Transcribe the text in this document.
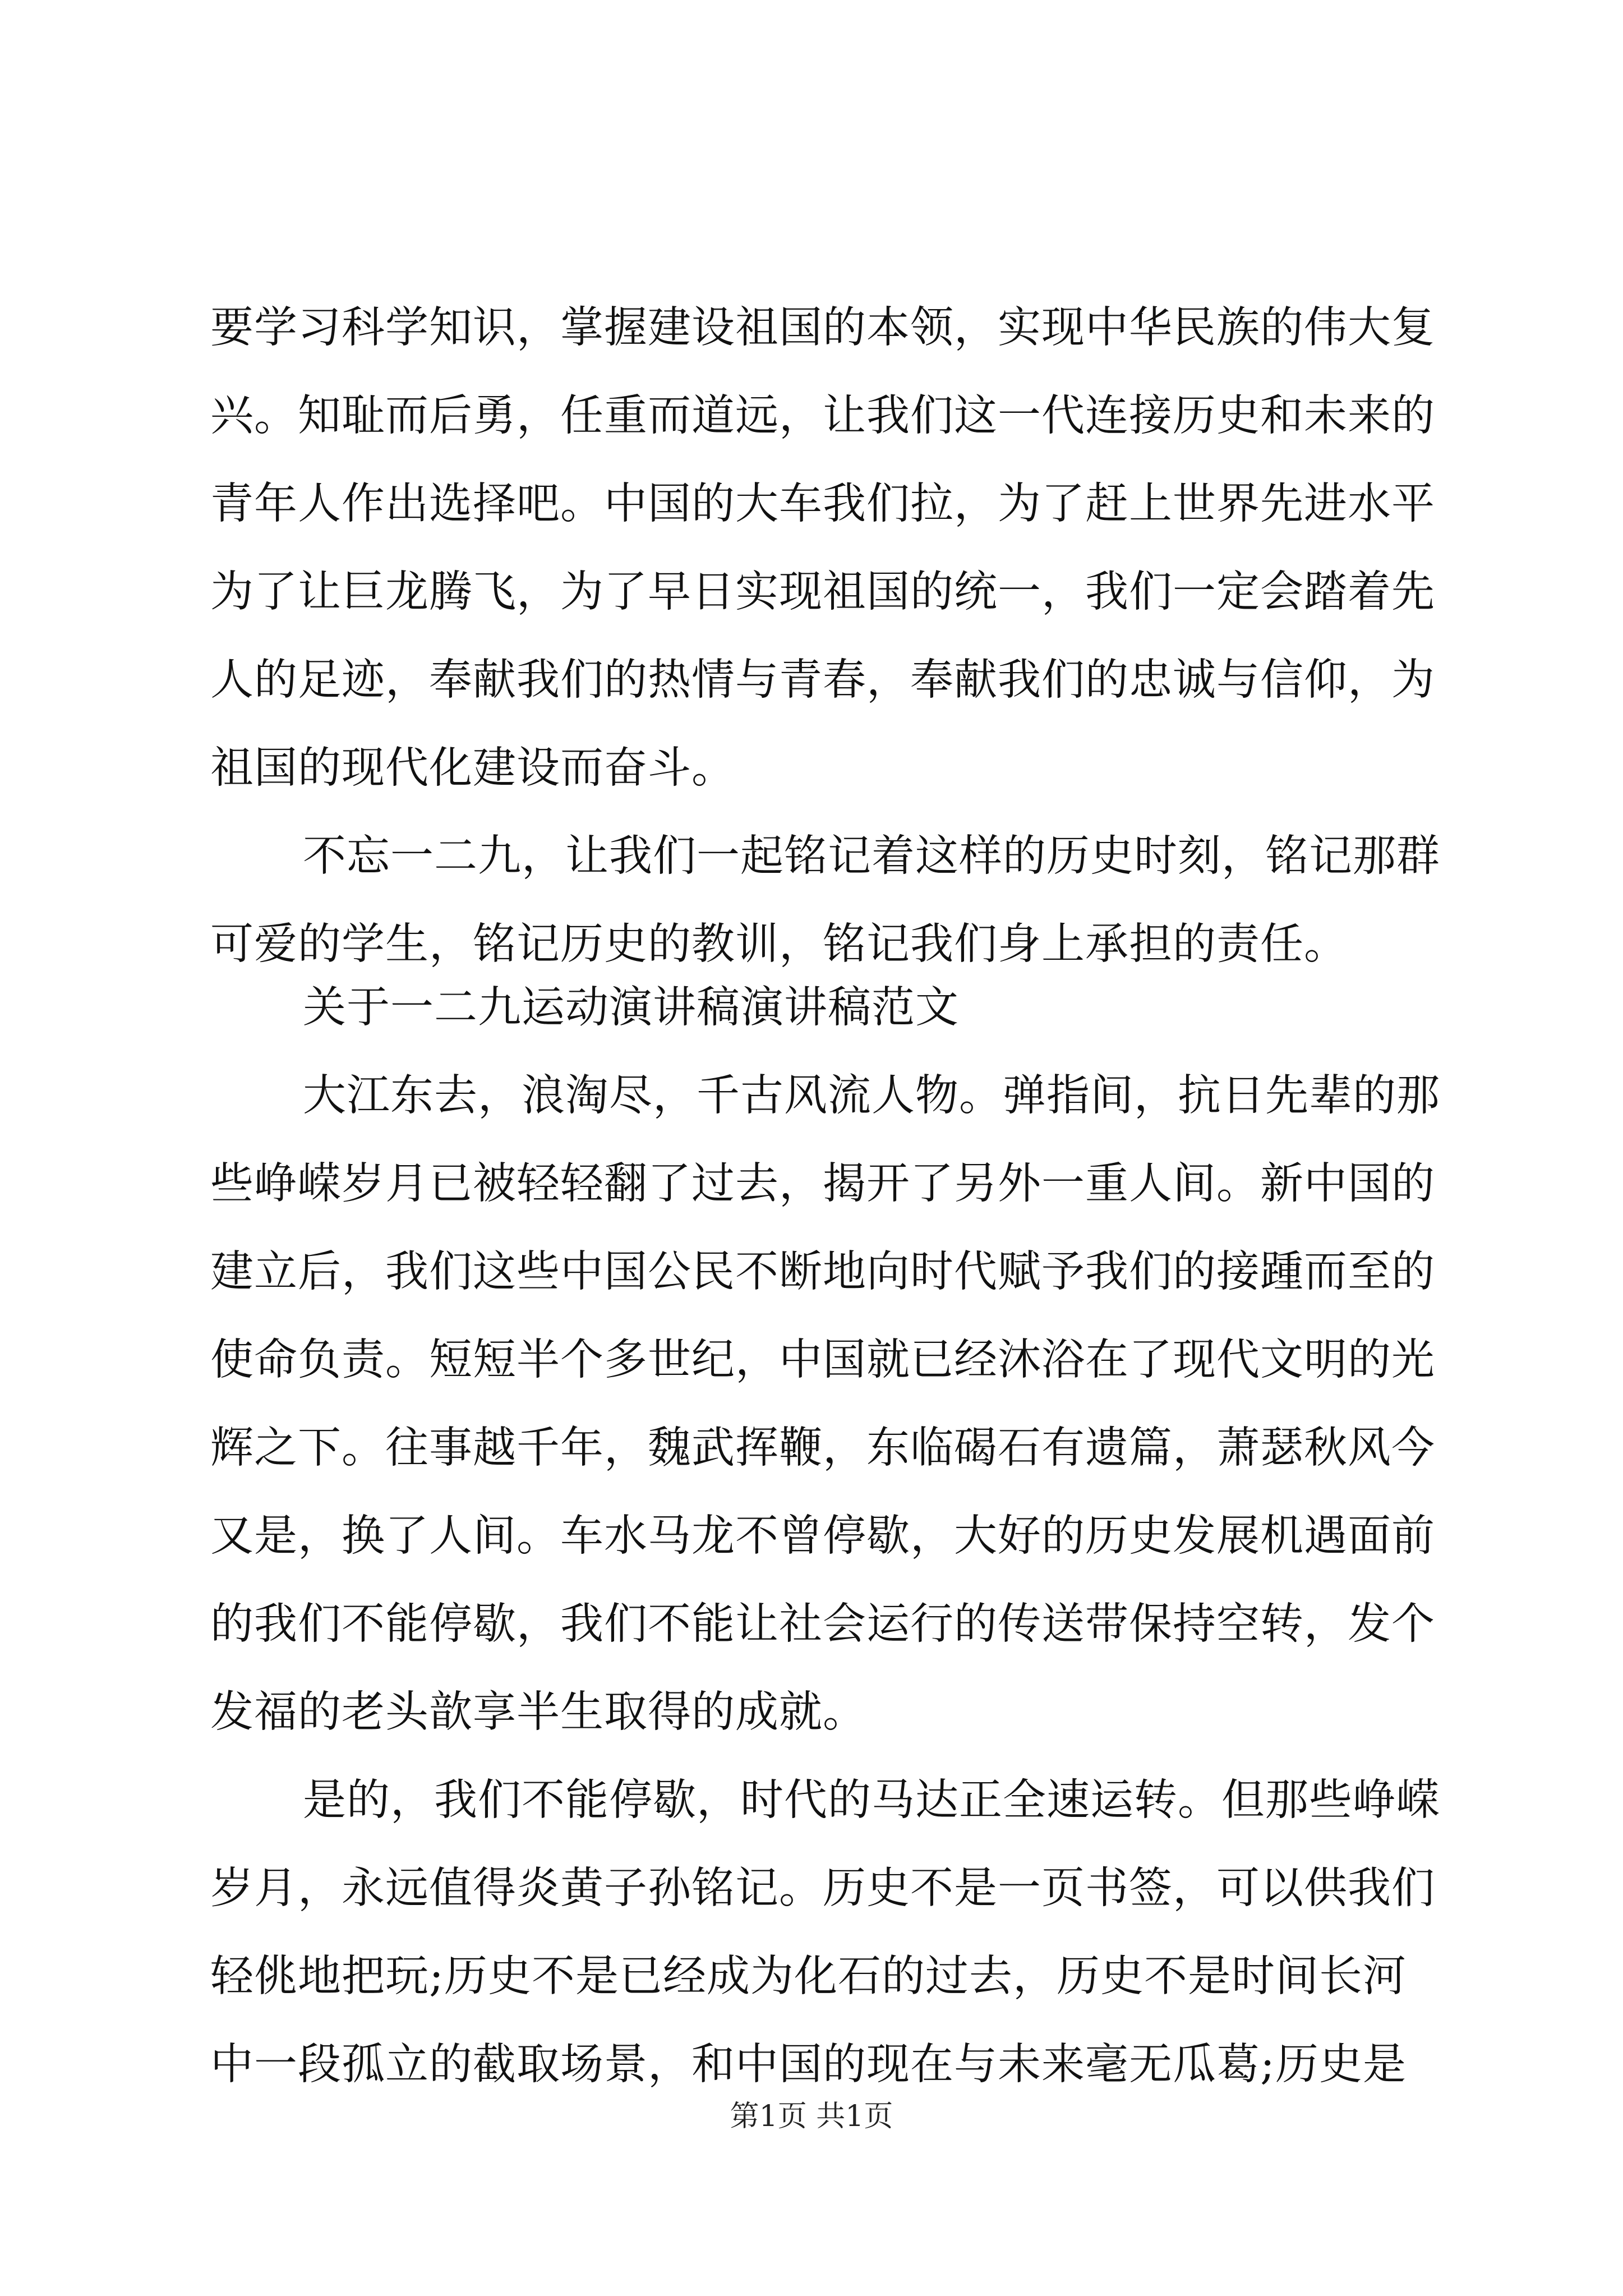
要学习科学知识，掌握建设祖国的本领，实现中华民族的伟大复
兴。知耻而后勇，任重而道远，让我们这一代连接历史和未来的
青年人作出选择吧。中国的大车我们拉，为了赶上世界先进水平
为了让巨龙腾飞，为了早日实现祖国的统一，我们一定会踏着先
人的足迹，奉献我们的热情与青春，奉献我们的忠诚与信仰，为
祖国的现代化建设而奋斗。
不忘一二九，让我们一起铭记着这样的历史时刻，铭记那群
可爱的学生，铭记历史的教训，铭记我们身上承担的责任。
关于一二九运动演讲稿演讲稿范文
大江东去，浪淘尽，千古风流人物。弹指间，抗日先辈的那
些峥嵘岁月已被轻轻翻了过去，揭开了另外一重人间。新中国的
建立后，我们这些中国公民不断地向时代赋予我们的接踵而至的
使命负责。短短半个多世纪，中国就已经沐浴在了现代文明的光
辉之下。往事越千年，魏武挥鞭，东临碣石有遗篇，萧瑟秋风今
又是，换了人间。车水马龙不曾停歇，大好的历史发展机遇面前
的我们不能停歇，我们不能让社会运行的传送带保持空转，发个
发福的老头歆享半生取得的成就。
是的，我们不能停歇，时代的马达正全速运转。但那些峥嵘
岁月，永远值得炎黄子孙铭记。历史不是一页书签，可以供我们
轻佻地把玩;历史不是已经成为化石的过去，历史不是时间长河
中一段孤立的截取场景，和中国的现在与未来毫无瓜葛;历史是
第1页 共1页
